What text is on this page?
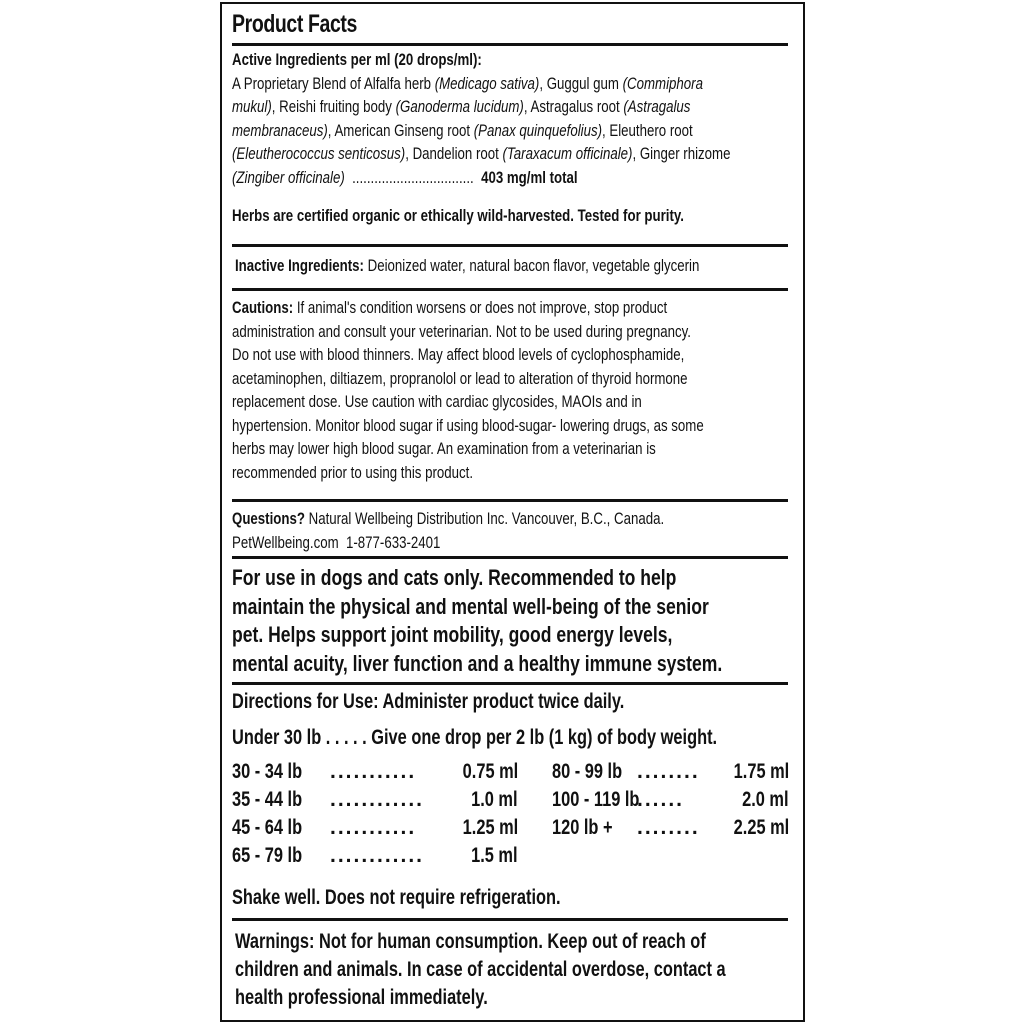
Product Facts
Active Ingredients per ml (20 drops/ml):
A Proprietary Blend of Alfalfa herb (Medicago sativa), Guggul gum (Commiphora
mukul), Reishi fruiting body (Ganoderma lucidum), Astragalus root (Astragalus
membranaceus), American Ginseng root (Panax quinquefolius), Eleuthero root
(Eleutherococcus senticosus), Dandelion root (Taraxacum officinale), Ginger rhizome
(Zingiber officinale)  .................................  403 mg/ml total
Herbs are certified organic or ethically wild-harvested. Tested for purity.
Inactive Ingredients: Deionized water, natural bacon flavor, vegetable glycerin
Cautions: If animal's condition worsens or does not improve, stop product
administration and consult your veterinarian. Not to be used during pregnancy.
Do not use with blood thinners. May affect blood levels of cyclophosphamide,
acetaminophen, diltiazem, propranolol or lead to alteration of thyroid hormone
replacement dose. Use caution with cardiac glycosides, MAOIs and in
hypertension. Monitor blood sugar if using blood-sugar- lowering drugs, as some
herbs may lower high blood sugar. An examination from a veterinarian is
recommended prior to using this product.
Questions? Natural Wellbeing Distribution Inc. Vancouver, B.C., Canada.
PetWellbeing.com 1-877-633-2401
For use in dogs and cats only. Recommended to help
maintain the physical and mental well-being of the senior
pet. Helps support joint mobility, good energy levels,
mental acuity, liver function and a healthy immune system.
Directions for Use: Administer product twice daily.
Under 30 lb . . . . . Give one drop per 2 lb (1 kg) of body weight.
30 - 34 lb ........... 0.75 ml
35 - 44 lb ............ 1.0 ml
45 - 64 lb ........... 1.25 ml
65 - 79 lb ............ 1.5 ml
80 - 99 lb ........ 1.75 ml
100 - 119 lb
......	2.0 ml
120 lb + ........ 2.25 ml
Shake well. Does not require refrigeration.
Warnings: Not for human consumption. Keep out of reach of
children and animals. In case of accidental overdose, contact a
health professional immediately.
